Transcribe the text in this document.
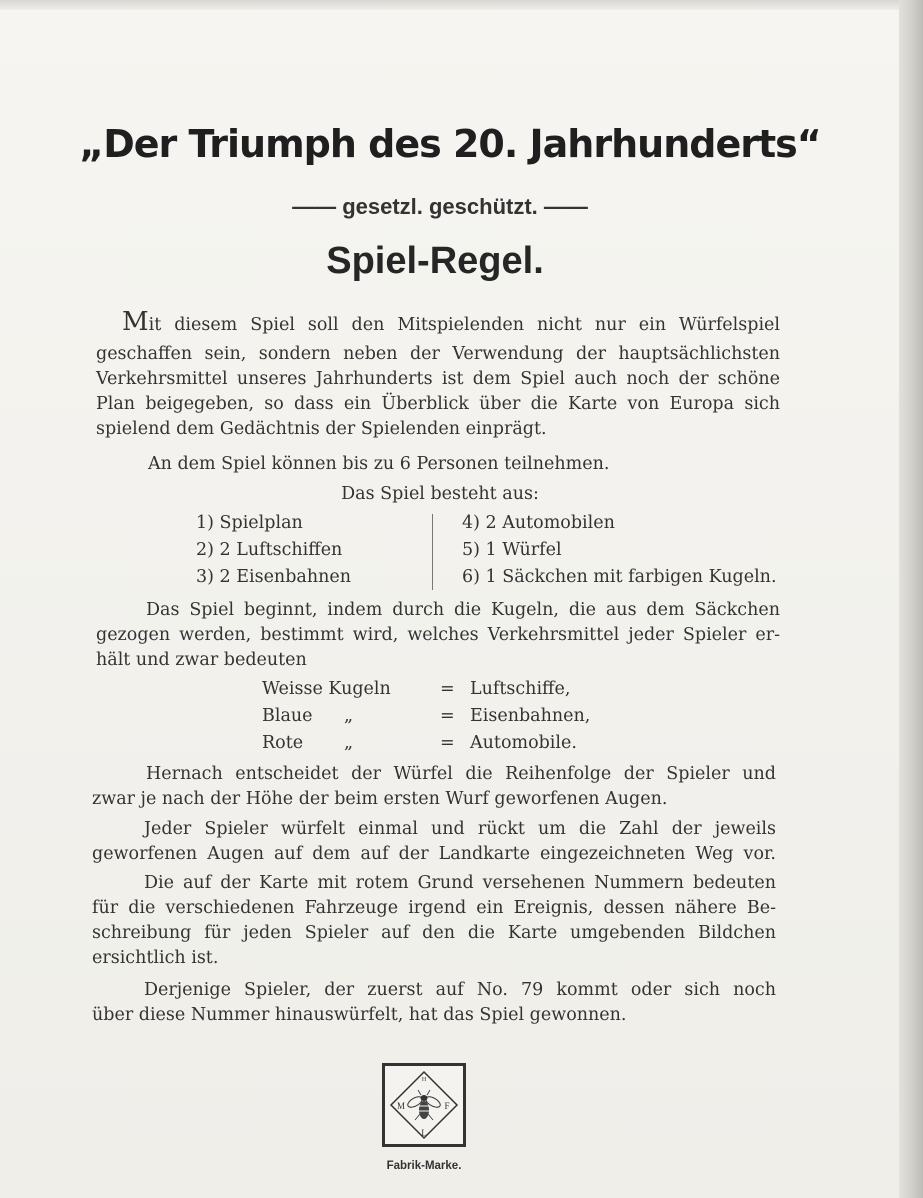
„Der Triumph des 20. Jahrhunderts“
—— gesetzl. geschützt. ——
Spiel-Regel.
Mit diesem Spiel soll den Mitspielenden nicht nur ein Würfelspiel
geschaffen sein, sondern neben der Verwendung der hauptsächlichsten
Verkehrsmittel unseres Jahrhunderts ist dem Spiel auch noch der schöne
Plan beigegeben, so dass ein Überblick über die Karte von Europa sich
spielend dem Gedächtnis der Spielenden einprägt.
An dem Spiel können bis zu 6 Personen teilnehmen.
Das Spiel besteht aus:
1) Spielplan
2) 2 Luftschiffen
3) 2 Eisenbahnen
4) 2 Automobilen
5) 1 Würfel
6) 1 Säckchen mit farbigen Kugeln.
Das Spiel beginnt, indem durch die Kugeln, die aus dem Säckchen
gezogen werden, bestimmt wird, welches Verkehrsmittel jeder Spieler er-
hält und zwar bedeuten
Weisse Kugeln	= Luftschiffe,
Blaue „	= Eisenbahnen,
Rote „	= Automobile.
Hernach entscheidet der Würfel die Reihenfolge der Spieler und
zwar je nach der Höhe der beim ersten Wurf geworfenen Augen.
Jeder Spieler würfelt einmal und rückt um die Zahl der jeweils
geworfenen Augen auf dem auf der Landkarte eingezeichneten Weg vor.
Die auf der Karte mit rotem Grund versehenen Nummern bedeuten
für die verschiedenen Fahrzeuge irgend ein Ereignis, dessen nähere Be-
schreibung für jeden Spieler auf den die Karte umgebenden Bildchen
ersichtlich ist.
Derjenige Spieler, der zuerst auf No. 79 kommt oder sich noch
über diese Nummer hinauswürfelt, hat das Spiel gewonnen.
H
M	F
L
Fabrik-Marke.
